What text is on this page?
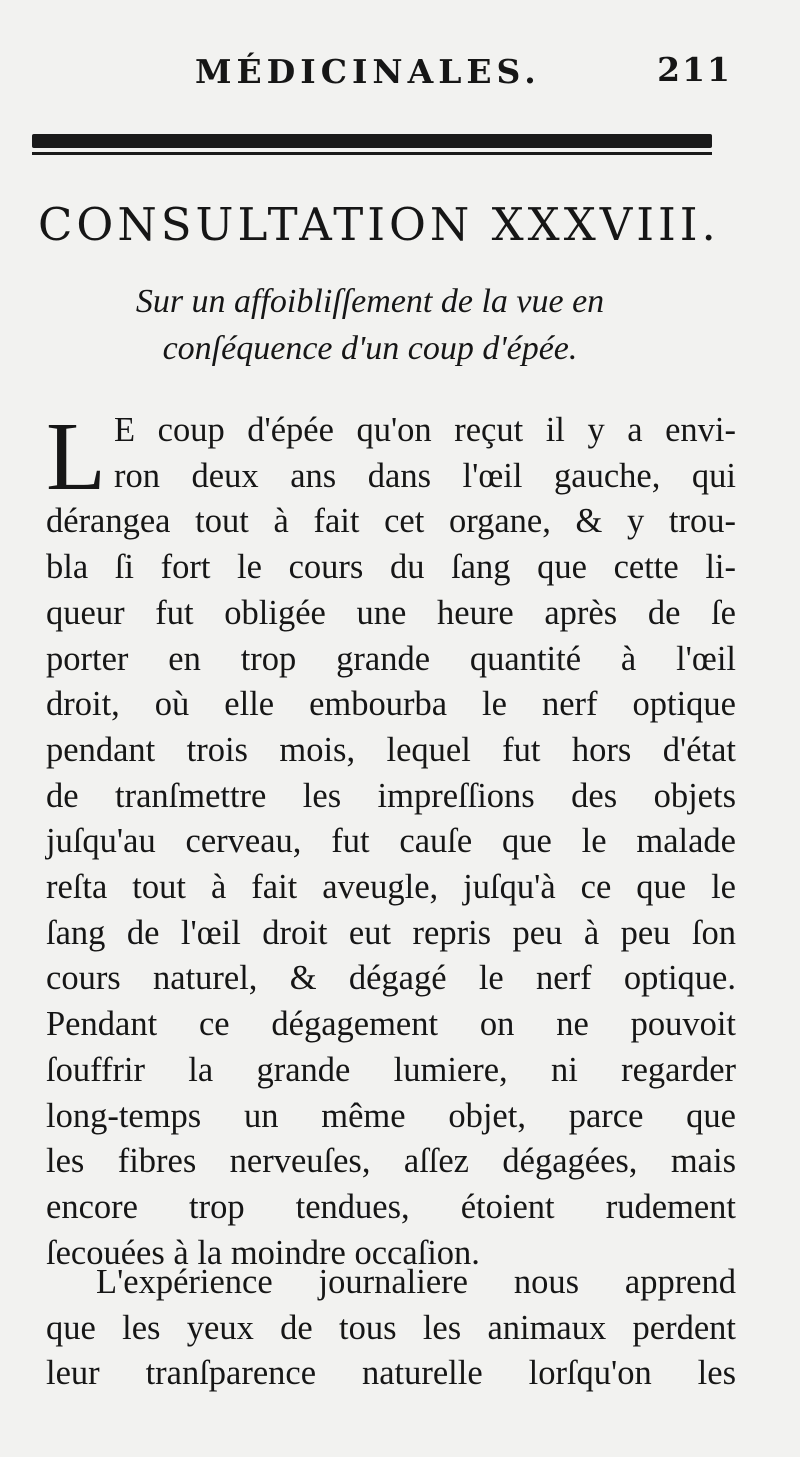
MÉDICINALES.	211
CONSULTATION XXXVIII.
Sur un affoibliſſement de la vue en
conſéquence d'un coup d'épée.
L E coup d'épée qu'on reçut il y a envi-
ron deux ans dans l'œil gauche, qui
dérangea tout à fait cet organe, & y trou-
bla ſi fort le cours du ſang que cette li-
queur fut obligée une heure après de ſe
porter en trop grande quantité à l'œil
droit, où elle embourba le nerf optique
pendant trois mois, lequel fut hors d'état
de tranſmettre les impreſſions des objets
juſqu'au cerveau, fut cauſe que le malade
reſta tout à fait aveugle, juſqu'à ce que le
ſang de l'œil droit eut repris peu à peu ſon
cours naturel, & dégagé le nerf optique.
Pendant ce dégagement on ne pouvoit
ſouffrir la grande lumiere, ni regarder
long-temps un même objet, parce que
les fibres nerveuſes, aſſez dégagées, mais
encore trop tendues, étoient rudement
ſecouées à la moindre occaſion.
L'expérience journaliere nous apprend
que les yeux de tous les animaux perdent
leur tranſparence naturelle lorſqu'on les
